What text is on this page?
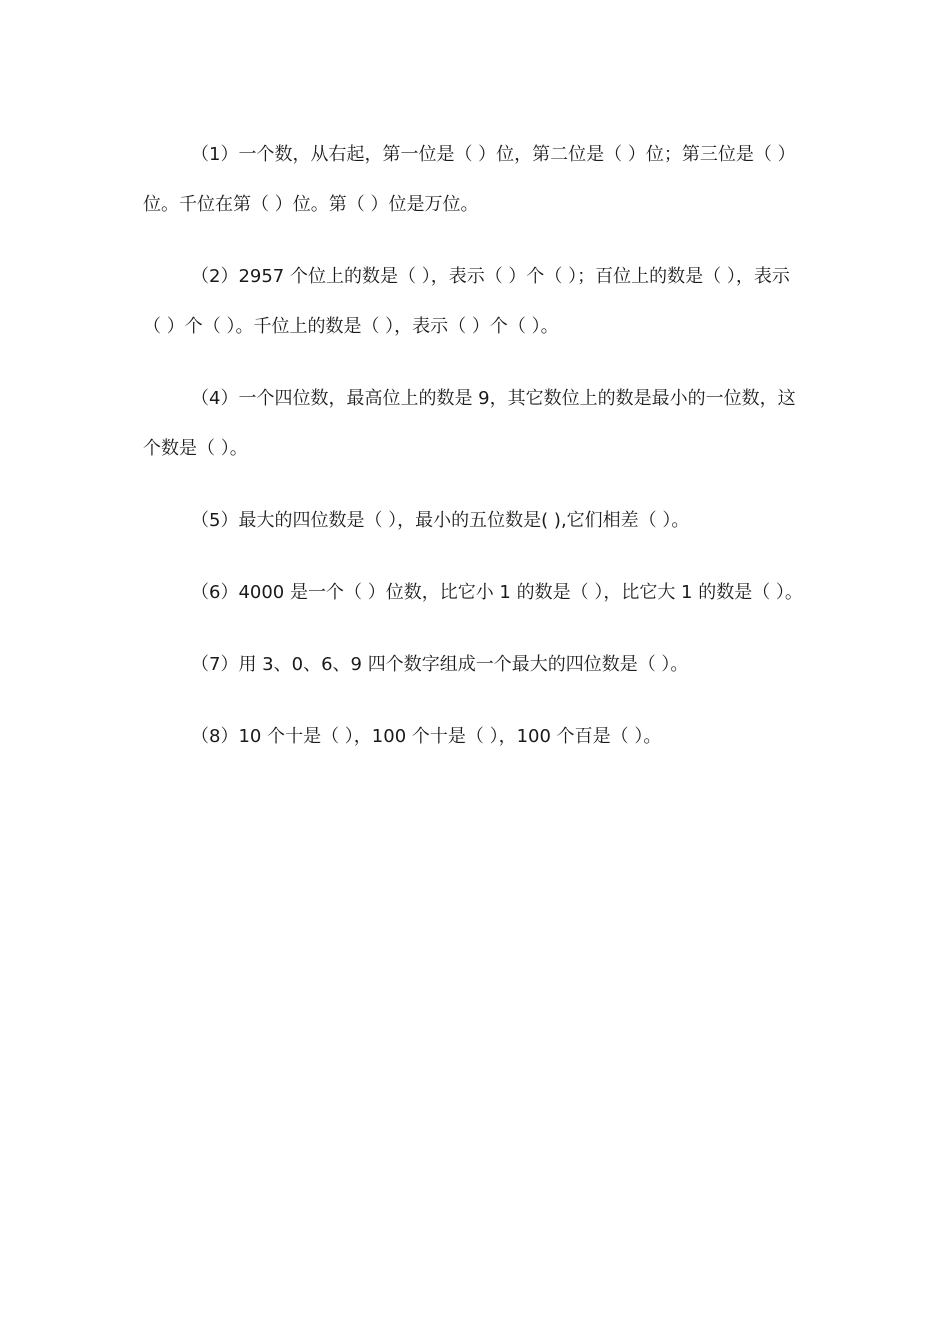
（1）一个数，从右起，第一位是（ ）位，第二位是（ ）位；第三位是（ ）位。千位在第（ ）位。第（ ）位是万位。

（2）2957 个位上的数是（ ），表示（ ）个（ ）；百位上的数是（ ），表示（ ）个（ ）。千位上的数是（ ），表示（ ）个（ ）。

（4）一个四位数，最高位上的数是 9，其它数位上的数是最小的一位数，这个数是（ ）。

（5）最大的四位数是（ ），最小的五位数是( ),它们相差（ ）。

（6）4000 是一个（ ）位数，比它小 1 的数是（ ），比它大 1 的数是（ ）。

（7）用 3、0、6、9 四个数字组成一个最大的四位数是（ ）。

（8）10 个十是（ ），100 个十是（ ），100 个百是（ ）。
